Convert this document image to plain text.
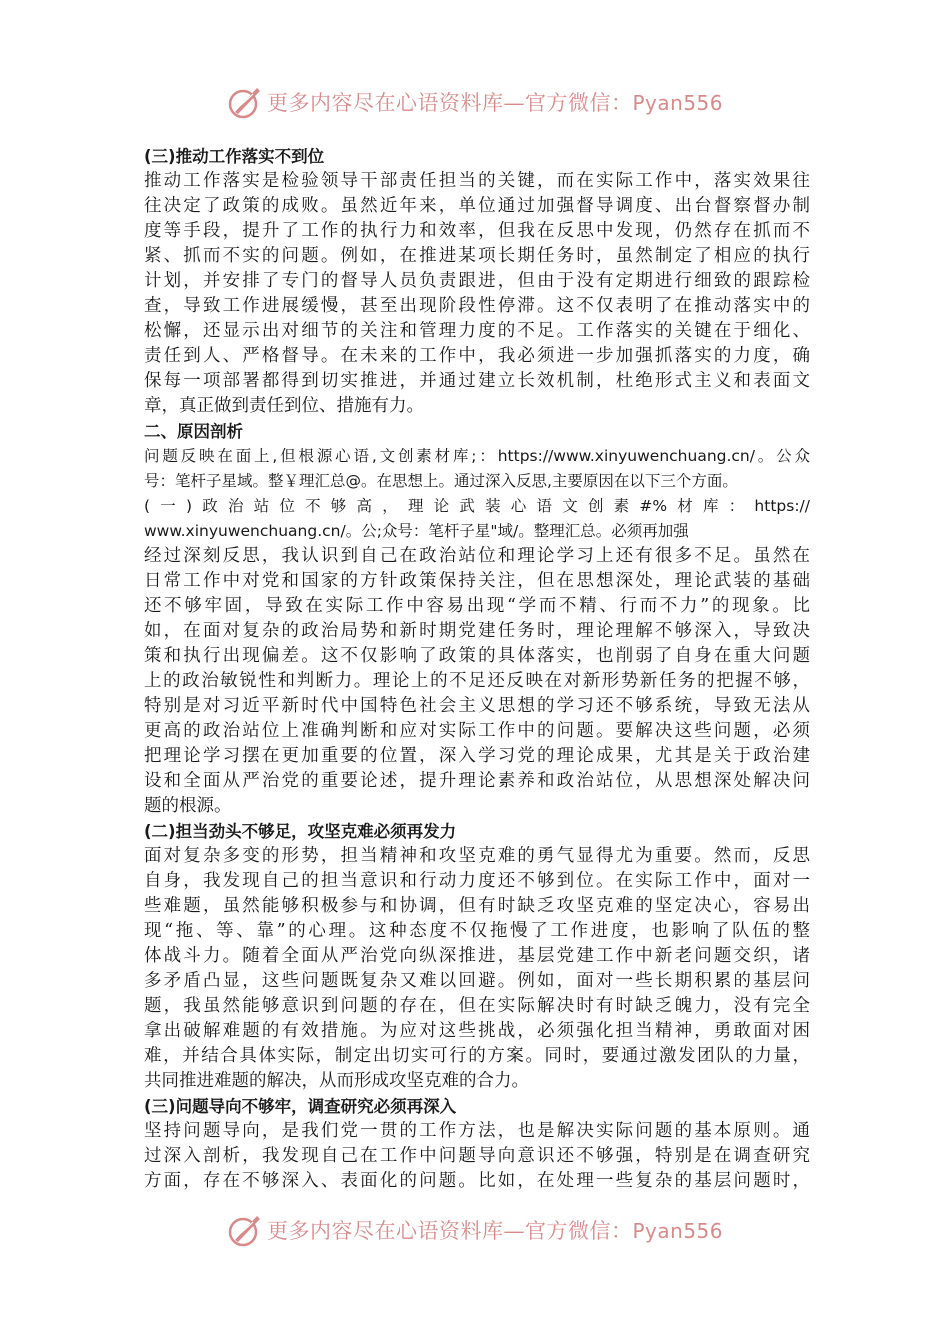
更多内容尽在心语资料库—官方微信：Pyan556
(三)推动工作落实不到位
推动工作落实是检验领导干部责任担当的关键，而在实际工作中，落实效果往
往决定了政策的成败。虽然近年来，单位通过加强督导调度、出台督察督办制
度等手段，提升了工作的执行力和效率，但我在反思中发现，仍然存在抓而不
紧、抓而不实的问题。例如，在推进某项长期任务时，虽然制定了相应的执行
计划，并安排了专门的督导人员负责跟进，但由于没有定期进行细致的跟踪检
查，导致工作进展缓慢，甚至出现阶段性停滞。这不仅表明了在推动落实中的
松懈，还显示出对细节的关注和管理力度的不足。工作落实的关键在于细化、
责任到人、严格督导。在未来的工作中，我必须进一步加强抓落实的力度，确
保每一项部署都得到切实推进，并通过建立长效机制，杜绝形式主义和表面文
章，真正做到责任到位、措施有力。
二、原因剖析
问题反映在面上,但根源心语,文创素材库;：https://www.xinyuwenchuang.cn/。公众
号：笔杆子星域。整￥理汇总@。在思想上。通过深入反思,主要原因在以下三个方面。
(一)政治站位不够高，理论武装心语文创素#%材库：https://
www.xinyuwenchuang.cn/。公;众号：笔杆子星"域/。整理汇总。必须再加强
经过深刻反思，我认识到自己在政治站位和理论学习上还有很多不足。虽然在
日常工作中对党和国家的方针政策保持关注，但在思想深处，理论武装的基础
还不够牢固，导致在实际工作中容易出现“学而不精、行而不力”的现象。比
如，在面对复杂的政治局势和新时期党建任务时，理论理解不够深入，导致决
策和执行出现偏差。这不仅影响了政策的具体落实，也削弱了自身在重大问题
上的政治敏锐性和判断力。理论上的不足还反映在对新形势新任务的把握不够，
特别是对习近平新时代中国特色社会主义思想的学习还不够系统，导致无法从
更高的政治站位上准确判断和应对实际工作中的问题。要解决这些问题，必须
把理论学习摆在更加重要的位置，深入学习党的理论成果，尤其是关于政治建
设和全面从严治党的重要论述，提升理论素养和政治站位，从思想深处解决问
题的根源。
(二)担当劲头不够足，攻坚克难必须再发力
面对复杂多变的形势，担当精神和攻坚克难的勇气显得尤为重要。然而，反思
自身，我发现自己的担当意识和行动力度还不够到位。在实际工作中，面对一
些难题，虽然能够积极参与和协调，但有时缺乏攻坚克难的坚定决心，容易出
现“拖、等、靠”的心理。这种态度不仅拖慢了工作进度，也影响了队伍的整
体战斗力。随着全面从严治党向纵深推进，基层党建工作中新老问题交织，诸
多矛盾凸显，这些问题既复杂又难以回避。例如，面对一些长期积累的基层问
题，我虽然能够意识到问题的存在，但在实际解决时有时缺乏魄力，没有完全
拿出破解难题的有效措施。为应对这些挑战，必须强化担当精神，勇敢面对困
难，并结合具体实际，制定出切实可行的方案。同时，要通过激发团队的力量，
共同推进难题的解决，从而形成攻坚克难的合力。
(三)问题导向不够牢，调查研究必须再深入
坚持问题导向，是我们党一贯的工作方法，也是解决实际问题的基本原则。通
过深入剖析，我发现自己在工作中问题导向意识还不够强，特别是在调查研究
方面，存在不够深入、表面化的问题。比如，在处理一些复杂的基层问题时，
更多内容尽在心语资料库—官方微信：Pyan556
